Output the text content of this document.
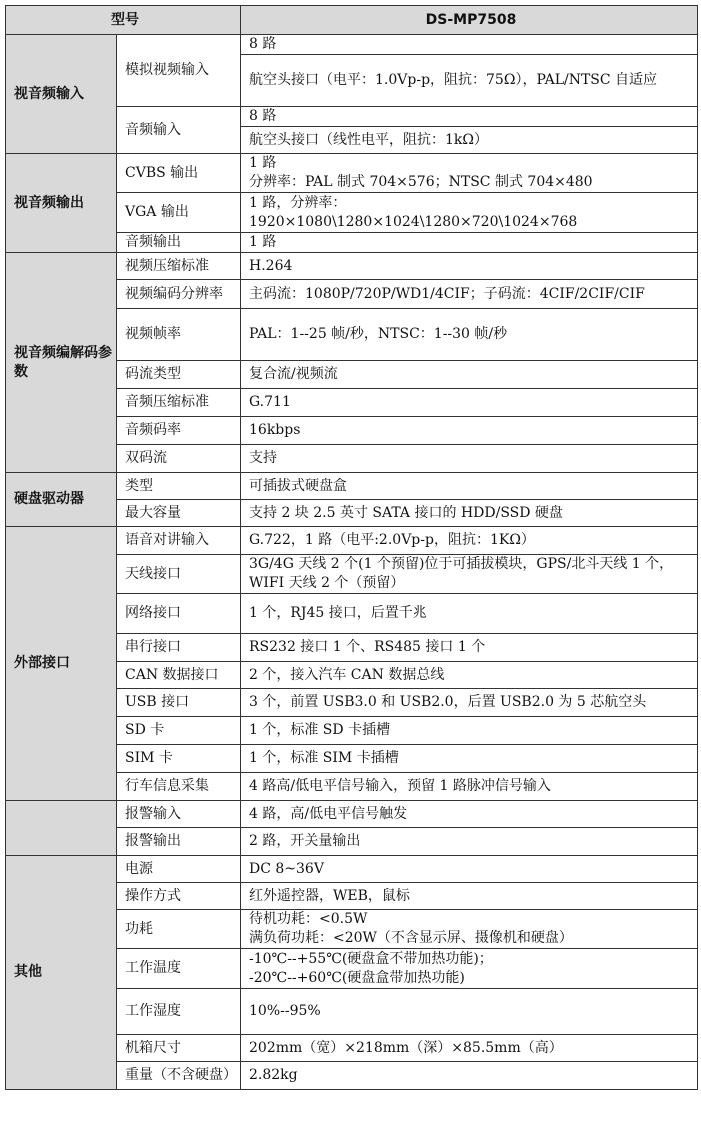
型号		DS-MP7508
视音频输入	模拟视频输入	8 路
		航空头接口（电平：1.0Vp-p，阻抗：75Ω），PAL/NTSC 自适应
	音频输入	8 路
		航空头接口（线性电平，阻抗：1kΩ）
视音频输出	CVBS 输出	1 路
分辨率：PAL 制式 704×576；NTSC 制式 704×480

	VGA 输出	1 路，分辨率：
1920×1080\1280×1024\1280×720\1024×768

	音频输出	1 路
视音频编解码参数	视频压缩标准	H.264
	视频编码分辨率	主码流：1080P/720P/WD1/4CIF；子码流：4CIF/2CIF/CIF
	视频帧率	PAL：1--25 帧/秒，NTSC：1--30 帧/秒
	码流类型	复合流/视频流
	音频压缩标准	G.711
	音频码率	16kbps
	双码流	支持
硬盘驱动器	类型	可插拔式硬盘盒
	最大容量	支持 2 块 2.5 英寸 SATA 接口的 HDD/SSD 硬盘
外部接口	语音对讲输入	G.722，1 路（电平:2.0Vp-p，阻抗：1KΩ）
	天线接口	3G/4G 天线 2 个(1 个预留)位于可插拔模块，GPS/北斗天线 1 个，WIFI 天线 2 个（预留）
	网络接口	1 个，RJ45 接口，后置千兆
	串行接口	RS232 接口 1 个、RS485 接口 1 个
	CAN 数据接口	2 个，接入汽车 CAN 数据总线
	USB 接口	3 个，前置 USB3.0 和 USB2.0，后置 USB2.0 为 5 芯航空头
	SD 卡	1 个，标准 SD 卡插槽
	SIM 卡	1 个，标准 SIM 卡插槽
	行车信息采集	4 路高/低电平信号输入，预留 1 路脉冲信号输入
	报警输入	4 路，高/低电平信号触发
	报警输出	2 路，开关量输出
其他	电源	DC 8~36V
	操作方式	红外遥控器，WEB，鼠标
	功耗	待机功耗：<0.5W
满负荷功耗：<20W（不含显示屏、摄像机和硬盘）

	工作温度	-10℃--+55℃(硬盘盒不带加热功能)；
-20℃--+60℃(硬盘盒带加热功能)

	工作湿度	10%--95%
	机箱尺寸	202mm（宽）×218mm（深）×85.5mm（高）
	重量（不含硬盘）	2.82kg
